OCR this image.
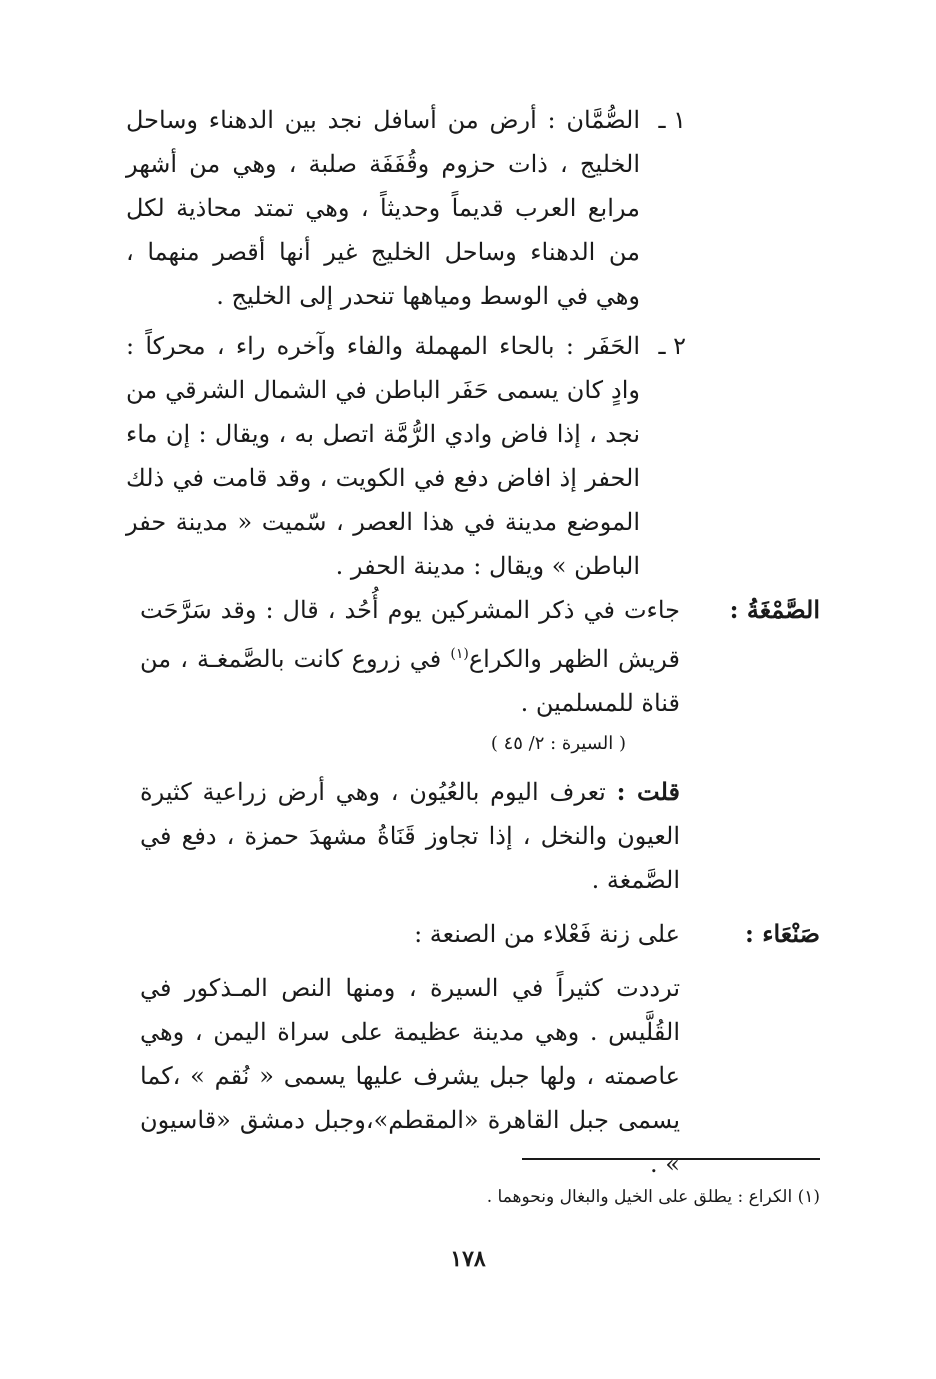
١ ـ
الصُّمَّان : أرض من أسافل نجد بين الدهناء وساحل الخليج ، ذات حزوم وقُفَفَة صلبة ، وهي من أشهر مرابع العرب قديماً وحديثاً ، وهي تمتد محاذية لكل من الدهناء وساحل الخليج غير أنها أقصر منهما ، وهي في الوسط ومياهها تنحدر إلى الخليج .
٢ ـ
الحَفَر : بالحاء المهملة والفاء وآخره راء ، محركاً : وادٍ كان يسمى حَفَر الباطن في الشمال الشرقي من نجد ، إذا فاض وادي الرُّمَّة اتصل به ، ويقال : إن ماء الحفر إذ افاض دفع في الكويت ، وقد قامت في ذلك الموضع مدينة في هذا العصر ، سّميت « مدينة حفر الباطن » ويقال : مدينة الحفر .
الصَّمْغَةُ :
جاءت في ذكر المشركين يوم أُحُد ، قال : وقد سَرَّحَت قريش الظهر والكراع$^{(١)}$ في زروع كانت بالصَّمغـة ، من قناة للمسلمين .
( السيرة : ٢/ ٤٥ )
قلت : تعرف اليوم بالعُيُون ، وهي أرض زراعية كثيرة العيون والنخل ، إذا تجاوز قَنَاةُ مشهدَ حمزة ، دفع في الصَّمغة .
صَنْعَاء :
على زنة فَعْلاء من الصنعة :
ترددت كثيراً في السيرة ، ومنها النص المـذكور في القُلَّيس . وهي مدينة عظيمة على سراة اليمن ، وهي عاصمته ، ولها جبل يشرف عليها يسمى « نُقم » ،كما يسمى جبل القاهرة «المقطم»،وجبل دمشق «قاسيون » .
(١) الكراع : يطلق على الخيل والبغال ونحوهما .
١٧٨
